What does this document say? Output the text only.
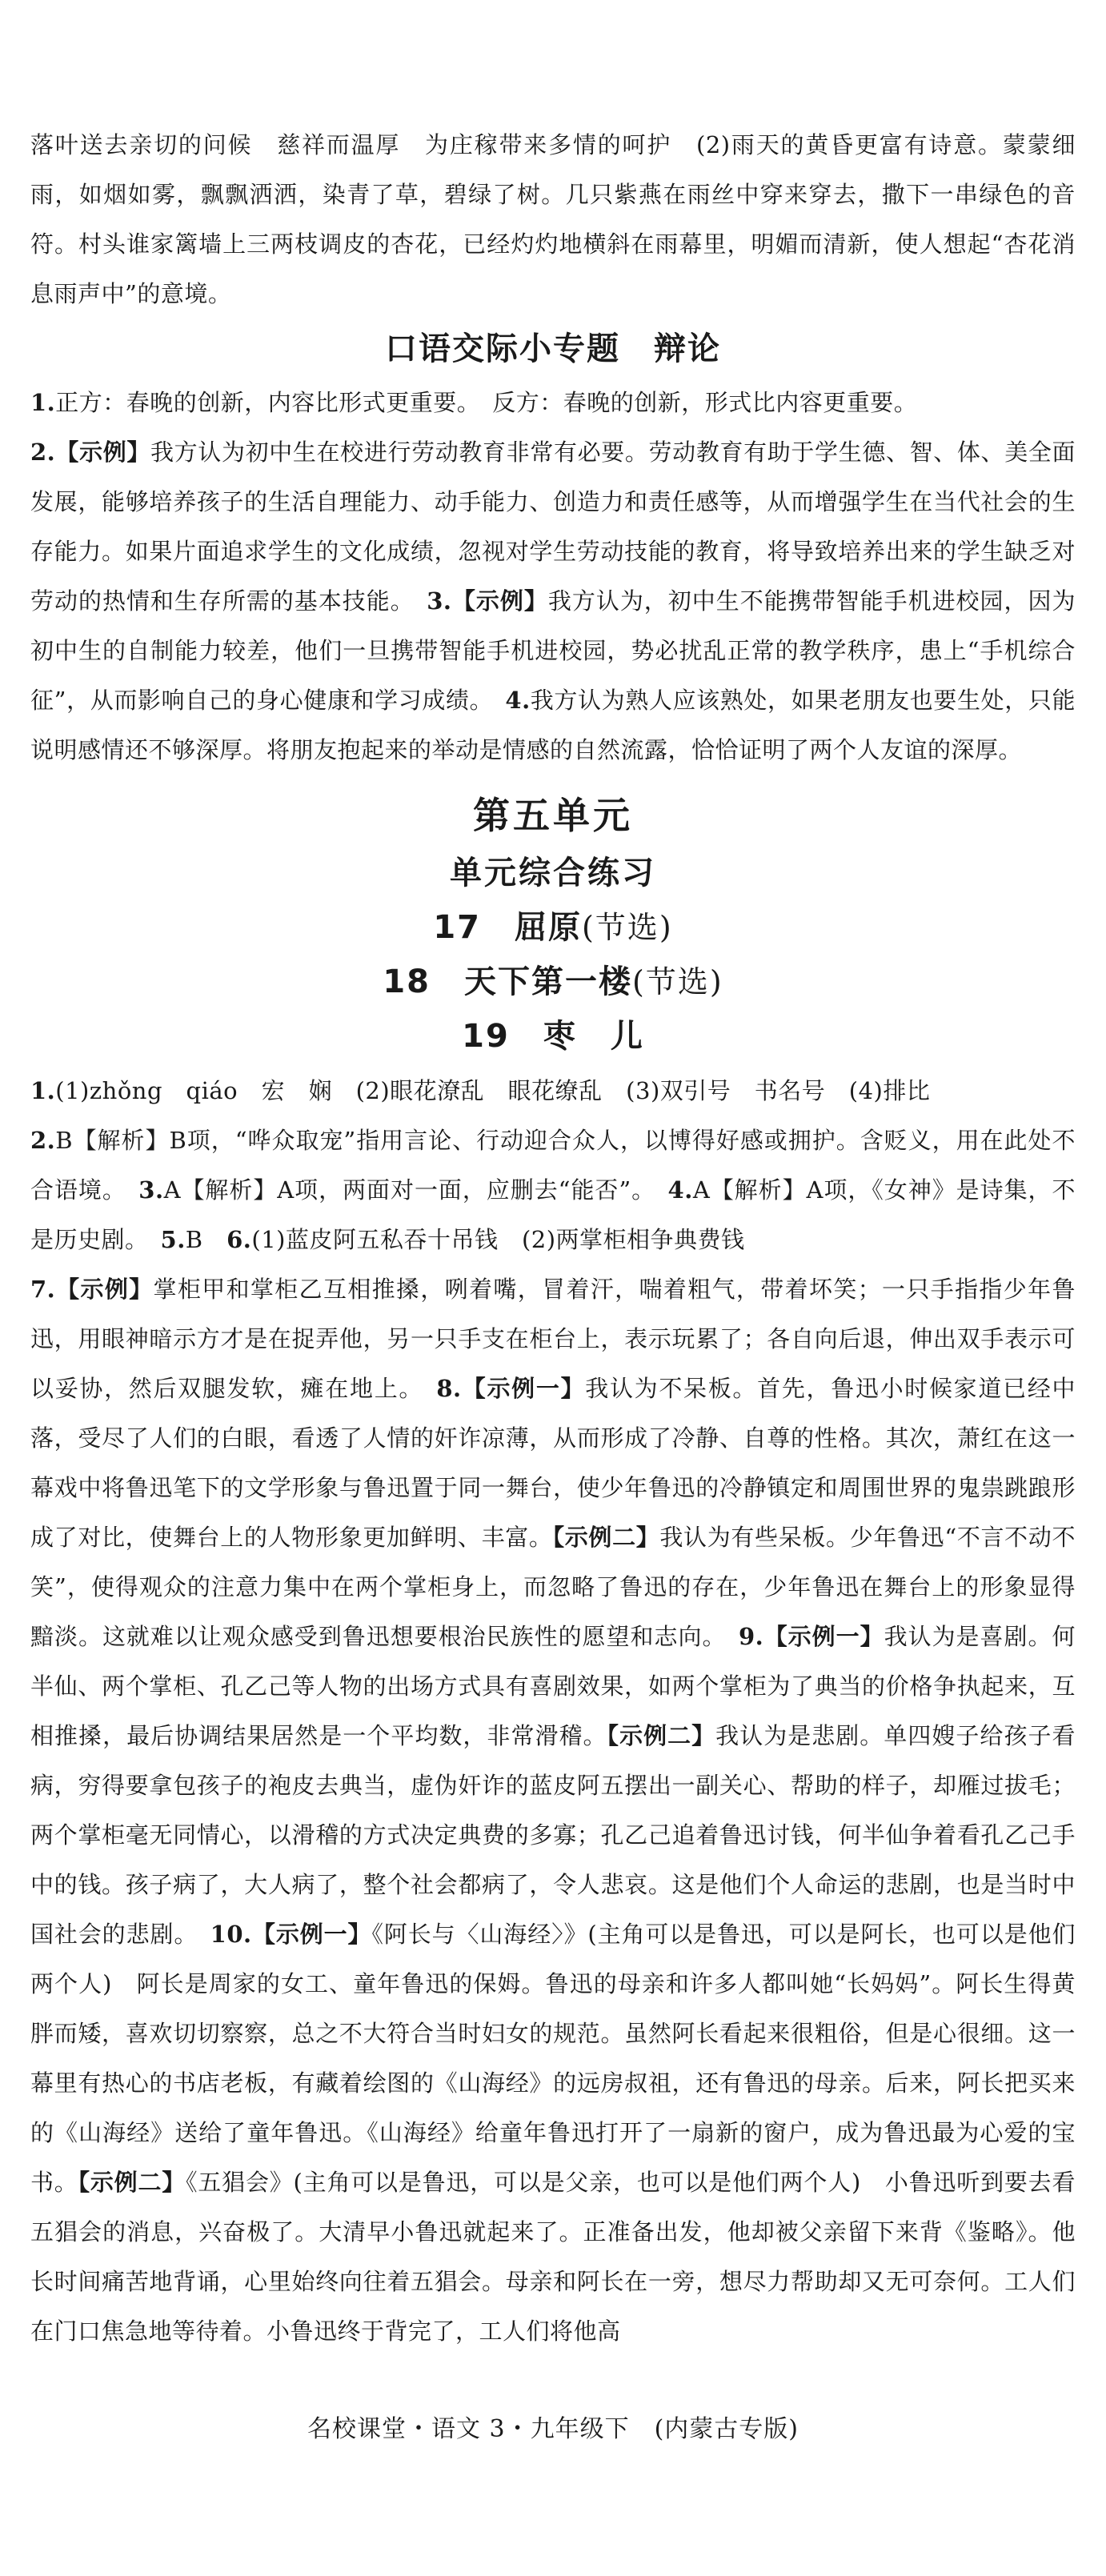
落叶送去亲切的问候　慈祥而温厚　为庄稼带来多情的呵护　(2)雨天的黄昏更富有诗意。蒙蒙细雨，如烟如雾，飘飘洒洒，染青了草，碧绿了树。几只紫燕在雨丝中穿来穿去，撒下一串绿色的音符。村头谁家篱墙上三两枝调皮的杏花，已经灼灼地横斜在雨幕里，明媚而清新，使人想起“杏花消息雨声中”的意境。

口语交际小专题　辩论

1.正方：春晚的创新，内容比形式更重要。　反方：春晚的创新，形式比内容更重要。

2.【示例】我方认为初中生在校进行劳动教育非常有必要。劳动教育有助于学生德、智、体、美全面发展，能够培养孩子的生活自理能力、动手能力、创造力和责任感等，从而增强学生在当代社会的生存能力。如果片面追求学生的文化成绩，忽视对学生劳动技能的教育，将导致培养出来的学生缺乏对劳动的热情和生存所需的基本技能。　3.【示例】我方认为，初中生不能携带智能手机进校园，因为初中生的自制能力较差，他们一旦携带智能手机进校园，势必扰乱正常的教学秩序，患上“手机综合征”，从而影响自己的身心健康和学习成绩。　4.我方认为熟人应该熟处，如果老朋友也要生处，只能说明感情还不够深厚。将朋友抱起来的举动是情感的自然流露，恰恰证明了两个人友谊的深厚。

第五单元
单元综合练习
17　屈原(节选)
18　天下第一楼(节选)
19　枣　儿

1.(1)zhǒng　qiáo　宏　娴　(2)眼花潦乱　眼花缭乱　(3)双引号　书名号　(4)排比

2.B【解析】B项，“哗众取宠”指用言论、行动迎合众人，以博得好感或拥护。含贬义，用在此处不合语境。　3.A【解析】A项，两面对一面，应删去“能否”。　4.A【解析】A项，《女神》是诗集，不是历史剧。　5.B　6.(1)蓝皮阿五私吞十吊钱　(2)两掌柜相争典费钱

7.【示例】掌柜甲和掌柜乙互相推搡，咧着嘴，冒着汗，喘着粗气，带着坏笑；一只手指指少年鲁迅，用眼神暗示方才是在捉弄他，另一只手支在柜台上，表示玩累了；各自向后退，伸出双手表示可以妥协，然后双腿发软，瘫在地上。　8.【示例一】我认为不呆板。首先，鲁迅小时候家道已经中落，受尽了人们的白眼，看透了人情的奸诈凉薄，从而形成了冷静、自尊的性格。其次，萧红在这一幕戏中将鲁迅笔下的文学形象与鲁迅置于同一舞台，使少年鲁迅的冷静镇定和周围世界的鬼祟跳踉形成了对比，使舞台上的人物形象更加鲜明、丰富。【示例二】我认为有些呆板。少年鲁迅“不言不动不笑”，使得观众的注意力集中在两个掌柜身上，而忽略了鲁迅的存在，少年鲁迅在舞台上的形象显得黯淡。这就难以让观众感受到鲁迅想要根治民族性的愿望和志向。　9.【示例一】我认为是喜剧。何半仙、两个掌柜、孔乙己等人物的出场方式具有喜剧效果，如两个掌柜为了典当的价格争执起来，互相推搡，最后协调结果居然是一个平均数，非常滑稽。【示例二】我认为是悲剧。单四嫂子给孩子看病，穷得要拿包孩子的袍皮去典当，虚伪奸诈的蓝皮阿五摆出一副关心、帮助的样子，却雁过拔毛；两个掌柜毫无同情心，以滑稽的方式决定典费的多寡；孔乙己追着鲁迅讨钱，何半仙争着看孔乙己手中的钱。孩子病了，大人病了，整个社会都病了，令人悲哀。这是他们个人命运的悲剧，也是当时中国社会的悲剧。　10.【示例一】《阿长与〈山海经〉》(主角可以是鲁迅，可以是阿长，也可以是他们两个人)　阿长是周家的女工、童年鲁迅的保姆。鲁迅的母亲和许多人都叫她“长妈妈”。阿长生得黄胖而矮，喜欢切切察察，总之不大符合当时妇女的规范。虽然阿长看起来很粗俗，但是心很细。这一幕里有热心的书店老板，有藏着绘图的《山海经》的远房叔祖，还有鲁迅的母亲。后来，阿长把买来的《山海经》送给了童年鲁迅。《山海经》给童年鲁迅打开了一扇新的窗户，成为鲁迅最为心爱的宝书。【示例二】《五猖会》(主角可以是鲁迅，可以是父亲，也可以是他们两个人)　小鲁迅听到要去看五猖会的消息，兴奋极了。大清早小鲁迅就起来了。正准备出发，他却被父亲留下来背《鉴略》。他长时间痛苦地背诵，心里始终向往着五猖会。母亲和阿长在一旁，想尽力帮助却又无可奈何。工人们在门口焦急地等待着。小鲁迅终于背完了，工人们将他高

名校课堂・语文 3・九年级下　(内蒙古专版)
